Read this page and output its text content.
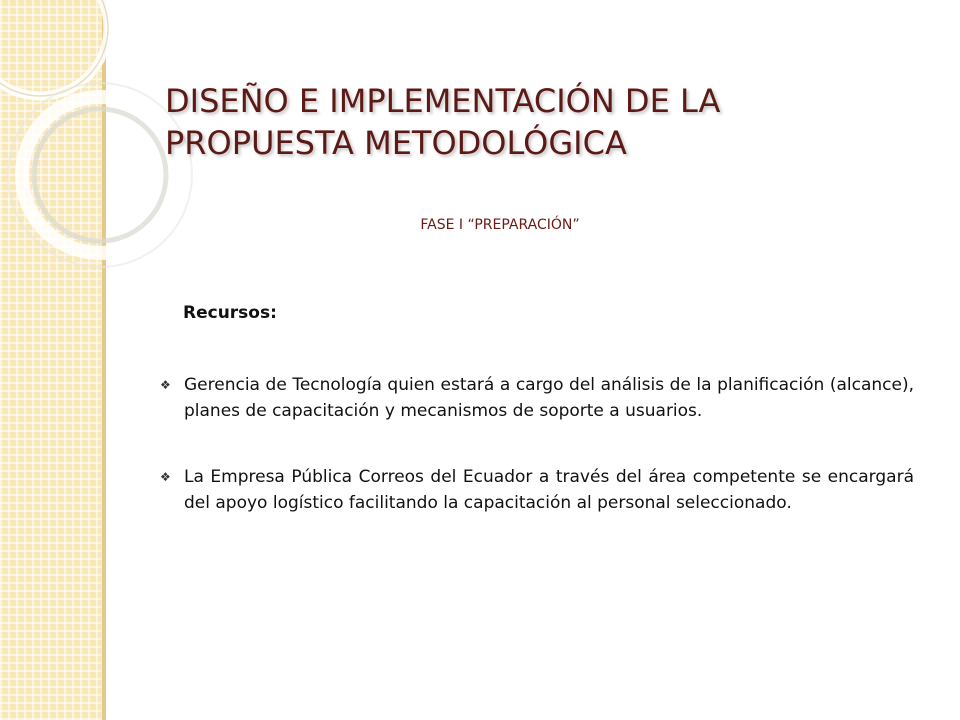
DISEÑO E IMPLEMENTACIÓN DE LA
PROPUESTA METODOLÓGICA
FASE I “PREPARACIÓN”
Recursos:
❖ Gerencia de Tecnología quien estará a cargo del análisis de la planificación (alcance), planes de capacitación y mecanismos de soporte a usuarios.
❖ La Empresa Pública Correos del Ecuador a través del área competente se encargará del apoyo logístico facilitando la capacitación al personal seleccionado.
